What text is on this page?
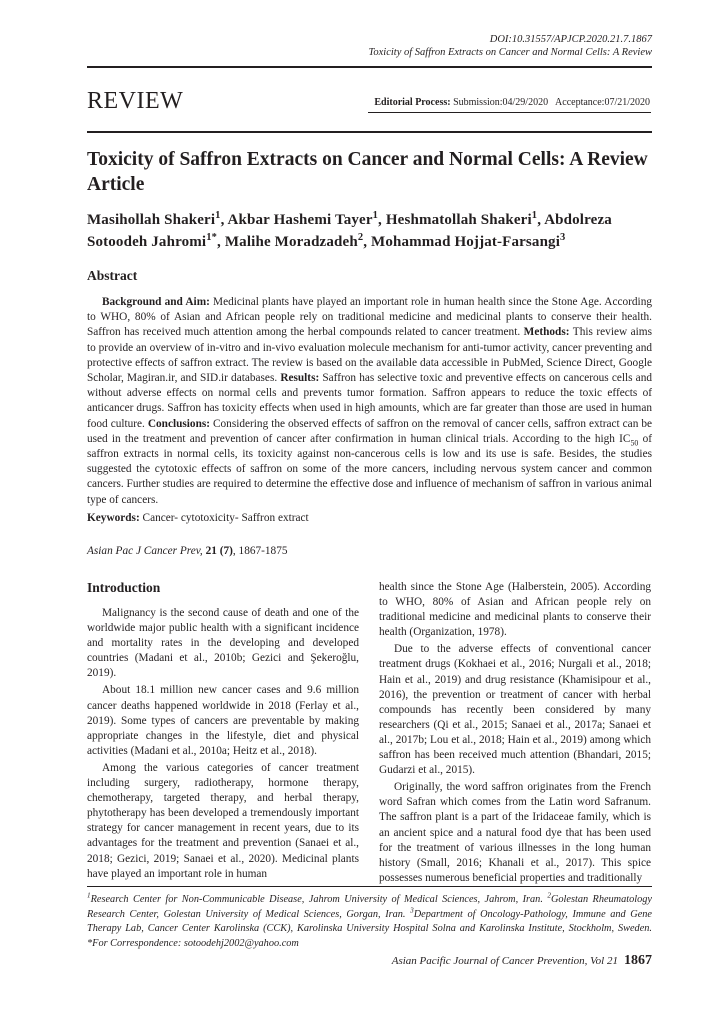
DOI:10.31557/APJCP.2020.21.7.1867
Toxicity of Saffron Extracts on Cancer and Normal Cells: A Review
REVIEW	Editorial Process: Submission:04/29/2020 Acceptance:07/21/2020
Toxicity of Saffron Extracts on Cancer and Normal Cells: A Review Article
Masihollah Shakeri$^1$, Akbar Hashemi Tayer$^1$, Heshmatollah Shakeri$^1$, Abdolreza Sotoodeh Jahromi$^{1*}$, Malihe Moradzadeh$^2$, Mohammad Hojjat-Farsangi$^3$
Abstract

Background and Aim: Medicinal plants have played an important role in human health since the Stone Age. According to WHO, 80% of Asian and African people rely on traditional medicine and medicinal plants to conserve their health. Saffron has received much attention among the herbal compounds related to cancer treatment. Methods: This review aims to provide an overview of in-vitro and in-vivo evaluation molecule mechanism for anti-tumor activity, cancer preventing and protective effects of saffron extract. The review is based on the available data accessible in PubMed, Science Direct, Google Scholar, Magiran.ir, and SID.ir databases. Results: Saffron has selective toxic and preventive effects on cancerous cells and without adverse effects on normal cells and prevents tumor formation. Saffron appears to reduce the toxic effects of anticancer drugs. Saffron has toxicity effects when used in high amounts, which are far greater than those are used in human food culture. Conclusions: Considering the observed effects of saffron on the removal of cancer cells, saffron extract can be used in the treatment and prevention of cancer after confirmation in human clinical trials. According to the high $IC_{50}$ of saffron extracts in normal cells, its toxicity against non-cancerous cells is low and its use is safe. Besides, the studies suggested the cytotoxic effects of saffron on some of the more cancers, including nervous system cancer and common cancers. Further studies are required to determine the effective dose and influence of mechanism of saffron in various animal type of cancers.

Keywords: Cancer- cytotoxicity- Saffron extract
Asian Pac J Cancer Prev, 21 (7), 1867-1875
Introduction

Malignancy is the second cause of death and one of the worldwide major public health with a significant incidence and mortality rates in the developing and developed countries (Madani et al., 2010b; Gezici and Şekeroğlu, 2019).

About 18.1 million new cancer cases and 9.6 million cancer deaths happened worldwide in 2018 (Ferlay et al., 2019). Some types of cancers are preventable by making appropriate changes in the lifestyle, diet and physical activities (Madani et al., 2010a; Heitz et al., 2018).

Among the various categories of cancer treatment including surgery, radiotherapy, hormone therapy, chemotherapy, targeted therapy, and herbal therapy, phytotherapy has been developed a tremendously important strategy for cancer management in recent years, due to its advantages for the treatment and prevention (Sanaei et al., 2018; Gezici, 2019; Sanaei et al., 2020). Medicinal plants have played an important role in human

health since the Stone Age (Halberstein, 2005). According to WHO, 80% of Asian and African people rely on traditional medicine and medicinal plants to conserve their health (Organization, 1978).

Due to the adverse effects of conventional cancer treatment drugs (Kokhaei et al., 2016; Nurgali et al., 2018; Hain et al., 2019) and drug resistance (Khamisipour et al., 2016), the prevention or treatment of cancer with herbal compounds has recently been considered by many researchers (Qi et al., 2015; Sanaei et al., 2017a; Sanaei et al., 2017b; Lou et al., 2018; Hain et al., 2019) among which saffron has been received much attention (Bhandari, 2015; Gudarzi et al., 2015).

Originally, the word saffron originates from the French word Safran which comes from the Latin word Safranum. The saffron plant is a part of the Iridaceae family, which is an ancient spice and a natural food dye that has been used for the treatment of various illnesses in the long human history (Small, 2016; Khanali et al., 2017). This spice possesses numerous beneficial properties and traditionally

$^1$Research Center for Non-Communicable Disease, Jahrom University of Medical Sciences, Jahrom, Iran. $^2$Golestan Rheumatology Research Center, Golestan University of Medical Sciences, Gorgan, Iran. $^3$Department of Oncology-Pathology, Immune and Gene Therapy Lab, Cancer Center Karolinska (CCK), Karolinska University Hospital Solna and Karolinska Institute, Stockholm, Sweden. *For Correspondence: sotoodehj2002@yahoo.com
Asian Pacific Journal of Cancer Prevention, Vol 21 1867
